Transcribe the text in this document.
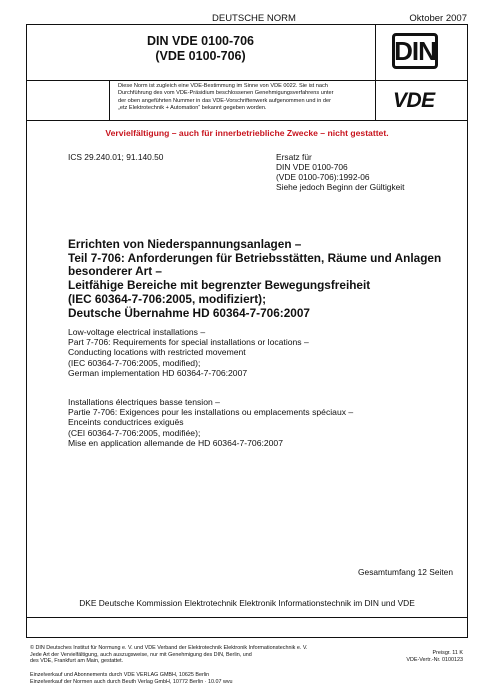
DEUTSCHE NORM	Oktober 2007
DIN VDE 0100-706
(VDE 0100-706)	DIN
Diese Norm ist zugleich eine VDE-Bestimmung im Sinne von VDE 0022. Sie ist nach
Durchführung des vom VDE-Präsidium beschlossenen Genehmigungsverfahrens unter
der oben angeführten Nummer in das VDE-Vorschriftenwerk aufgenommen und in der
„etz Elektrotechnik + Automation“ bekannt gegeben worden.	VDE
Vervielfältigung – auch für innerbetriebliche Zwecke – nicht gestattet.
ICS 29.240.01; 91.140.50	Ersatz für
DIN VDE 0100-706
(VDE 0100-706):1992-06
Siehe jedoch Beginn der Gültigkeit
Errichten von Niederspannungsanlagen –
Teil 7-706: Anforderungen für Betriebsstätten, Räume und Anlagen
besonderer Art –
Leitfähige Bereiche mit begrenzter Bewegungsfreiheit
(IEC 60364-7-706:2005, modifiziert);
Deutsche Übernahme HD 60364-7-706:2007
Low-voltage electrical installations –
Part 7-706: Requirements for special installations or locations –
Conducting locations with restricted movement
(IEC 60364-7-706:2005, modified);
German implementation HD 60364-7-706:2007
Installations électriques basse tension –
Partie 7-706: Exigences pour les installations ou emplacements spéciaux –
Enceints conductrices exiguës
(CEI 60364-7-706:2005, modifiée);
Mise en application allemande de HD 60364-7-706:2007
Gesamtumfang 12 Seiten
DKE Deutsche Kommission Elektrotechnik Elektronik Informationstechnik im DIN und VDE
© DIN Deutsches Institut für Normung e. V. und VDE Verband der Elektrotechnik Elektronik Informationstechnik e. V.
Jede Art der Vervielfältigung, auch auszugsweise, nur mit Genehmigung des DIN, Berlin, und
des VDE, Frankfurt am Main, gestattet.
Preisgr. 11 K
VDE-Vertr.-Nr. 0100123
Einzelverkauf und Abonnements durch VDE VERLAG GMBH, 10625 Berlin
Einzelverkauf der Normen auch durch Beuth Verlag GmbH, 10772 Berlin · 10.07 wvu
